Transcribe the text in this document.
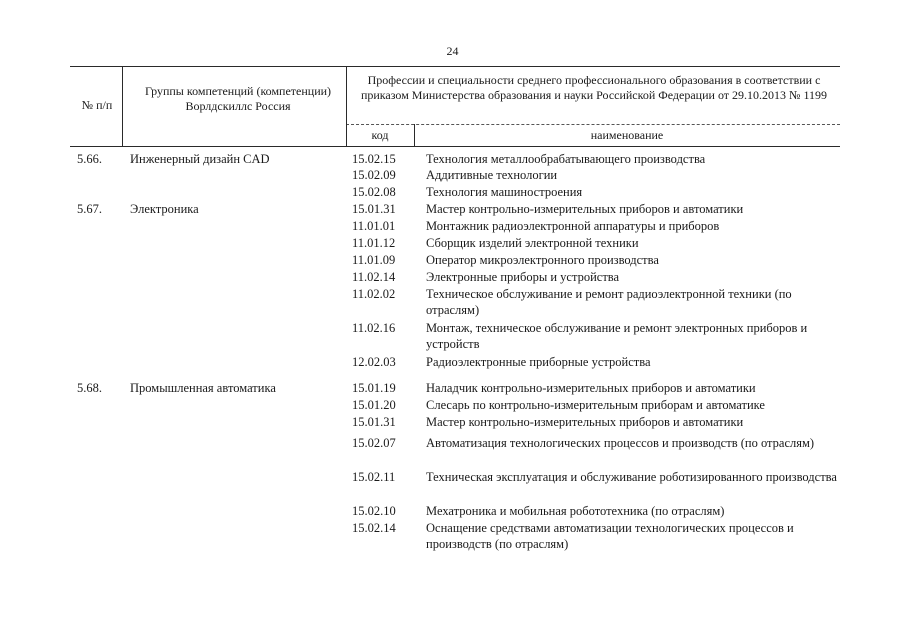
24
№ п/п
Группы компетенций (компетенции) Ворлдскиллс Россия
Профессии и специальности среднего профессионального образования в соответствии с приказом Министерства образования и науки Российской Федерации от 29.10.2013 № 1199
код	наименование
5.66. Инженерный дизайн CAD	15.02.15	Технология металлообрабатывающего производства
15.02.09	Аддитивные технологии
15.02.08	Технология машиностроения
5.67. Электроника	15.01.31	Мастер контрольно-измерительных приборов и автоматики
11.01.01	Монтажник радиоэлектронной аппаратуры и приборов
11.01.12	Сборщик изделий электронной техники
11.01.09	Оператор микроэлектронного производства
11.02.14	Электронные приборы и устройства
11.02.02	Техническое обслуживание и ремонт радиоэлектронной техники (по отраслям)
11.02.16	Монтаж, техническое обслуживание и ремонт электронных приборов и устройств
12.02.03	Радиоэлектронные приборные устройства
5.68. Промышленная автоматика	15.01.19	Наладчик контрольно-измерительных приборов и автоматики
15.01.20	Слесарь по контрольно-измерительным приборам и автоматике
15.01.31	Мастер контрольно-измерительных приборов и автоматики
15.02.07	Автоматизация технологических процессов и производств (по отраслям)
15.02.11	Техническая эксплуатация и обслуживание роботизированного производства
15.02.10	Мехатроника и мобильная робототехника (по отраслям)
15.02.14	Оснащение средствами автоматизации технологических процессов и производств (по отраслям)
